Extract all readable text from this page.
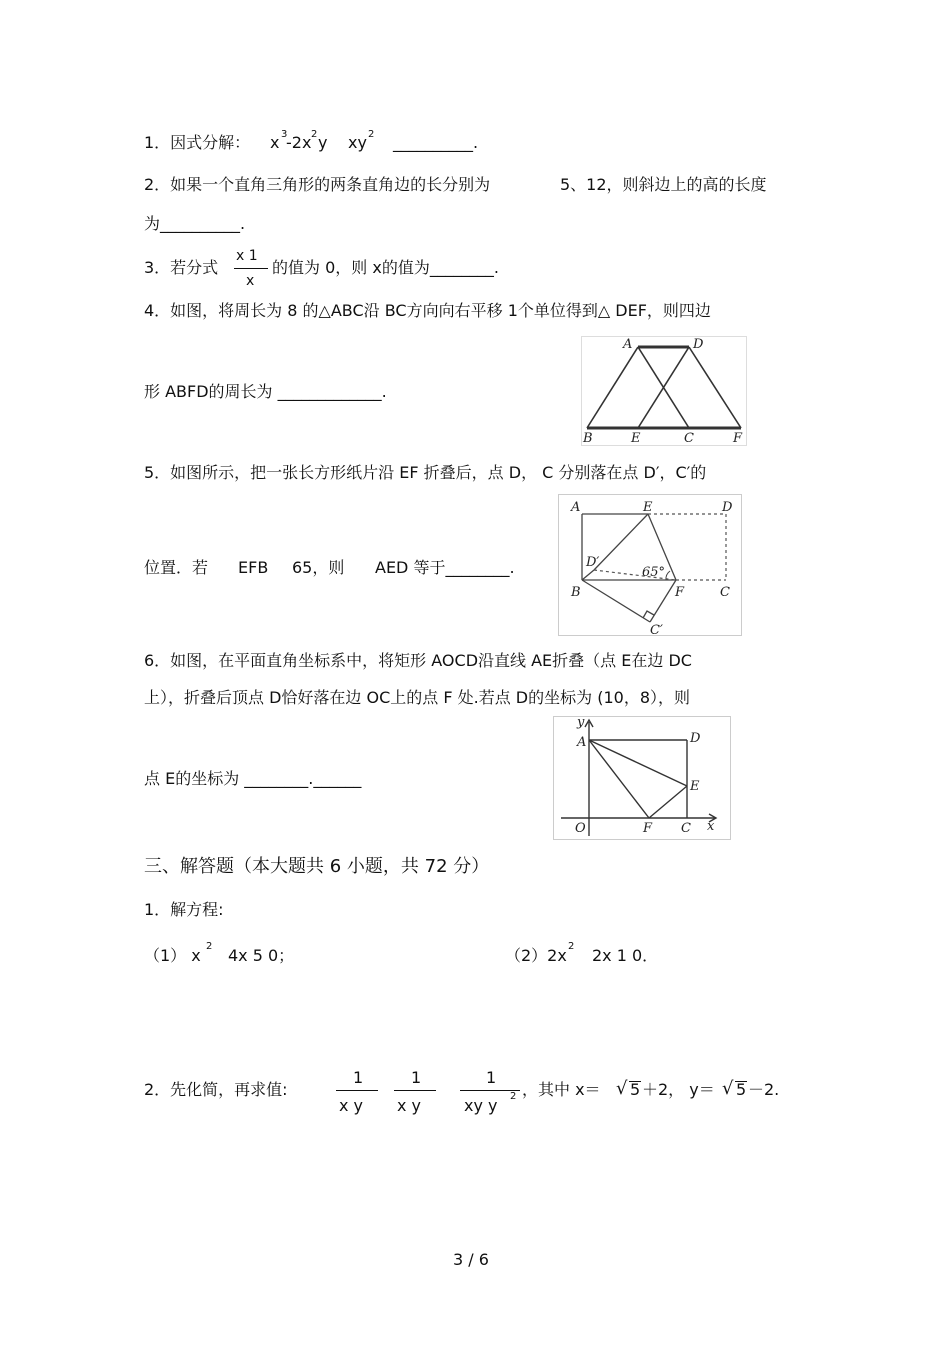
1．因式分解： x 3
-2x 2 y xy 2 __________.
2．如果一个直角三角形的两条直角边的长分别为	5、12，则斜边上的高的长度
为__________.
3．若分式
x 1
x
的值为 0，则 x的值为________.
4．如图，将周长为 8 的△ABC沿 BC方向向右平移 1个单位得到△ DEF，则四边
形 ABFD的周长为 _____________.
A	D
B	E	C	F
5．如图所示，把一张长方形纸片沿 EF 折叠后，点 D， C 分别落在点 D′，C′的
位置．若 EFB 65，则 AED 等于________.
A	E	D
D′
65°
B	F	C
C′
6．如图，在平面直角坐标系中，将矩形 AOCD沿直线 AE折叠（点 E在边 DC
上），折叠后顶点 D恰好落在边 OC上的点 F 处.若点 D的坐标为 (10，8），则
点 E的坐标为 ________.______
y
A	D
E
O	F C x
三、解答题（本大题共 6 小题，共 72 分）
1．解方程:
（1） x 2 4x 5 0；	（2）2x 2 2x 1 0．
2．先化简，再求值:
1
x y
1
x y
1
xy y 2 ，其中 x＝ √ 5 ＋2， y＝ √ 5 －2.
3 / 6
